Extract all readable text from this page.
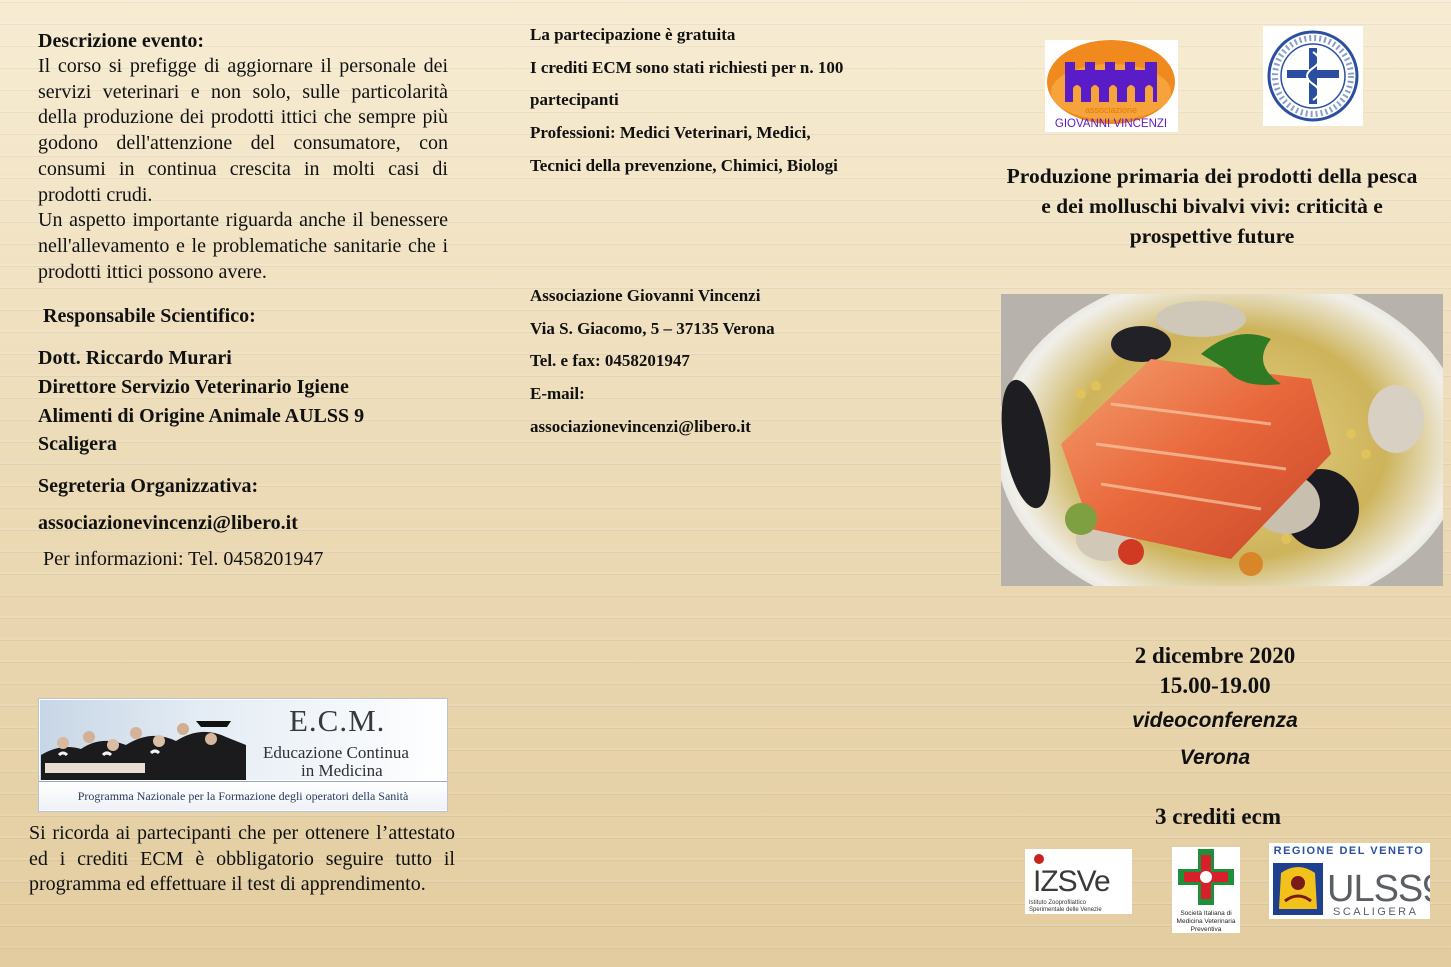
Descrizione evento:

Il corso si prefigge di aggiornare il personale dei servizi veterinari e non solo, sulle particolarità della produzione dei prodotti ittici che sempre più godono dell'attenzione del consumatore, con consumi in continua crescita in molti casi di prodotti crudi.

Un aspetto importante riguarda anche il benessere nell'allevamento e le problematiche sanitarie che i prodotti ittici possono avere.

Responsabile Scientifico:

Dott. Riccardo Murari
Direttore Servizio Veterinario Igiene
Alimenti di Origine Animale AULSS 9
Scaligera
Segreteria Organizzativa:
associazionevincenzi@libero.it
Per informazioni: Tel. 0458201947
E.C.M.
Educazione Continua
in Medicina
Programma Nazionale per la Formazione degli operatori della Sanità
Si ricorda ai partecipanti che per ottenere l’attestato ed i crediti ECM è obbligatorio seguire tutto il programma ed effettuare il test di apprendimento.
La partecipazione è gratuita
I crediti ECM sono stati richiesti per n. 100
partecipanti
Professioni: Medici Veterinari, Medici,
Tecnici della prevenzione, Chimici, Biologi
Associazione Giovanni Vincenzi
Via S. Giacomo, 5 – 37135 Verona
Tel. e fax: 0458201947
E-mail:
associazionevincenzi@libero.it
associazione
GIOVANNI VINCENZI
Produzione primaria dei prodotti della pesca e dei molluschi bivalvi vivi: criticità e prospettive future
2 dicembre 2020
15.00-19.00
videoconferenza
Verona
3 crediti ecm
IZSVe
Istituto Zooprofilattico
Sperimentale delle Venezie	Società Italiana di
Medicina Veterinaria
Preventiva
REGIONE DEL VENETO
ULSS
SCALIGERA
